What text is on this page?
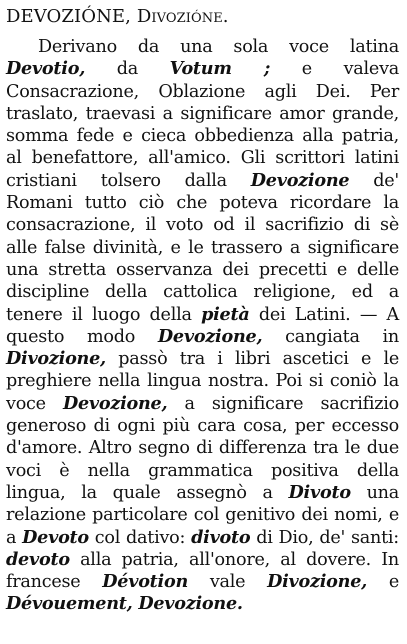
DEVOZIÓNE, Divozióne.

Derivano da una sola voce latina Devotio, da Votum ; e valeva Consacrazione, Oblazione agli Dei. Per traslato, traevasi a significare amor grande, somma fede e cieca obbedienza alla patria, al benefattore, all'amico. Gli scrittori latini cristiani tolsero dalla Devozione de' Romani tutto ciò che poteva ricordare la consacrazione, il voto od il sacrifizio di sè alle false divinità, e le trassero a significare una stretta osservanza dei precetti e delle discipline della cattolica religione, ed a tenere il luogo della pietà dei Latini. — A questo modo Devozione, cangiata in Divozione, passò tra i libri ascetici e le preghiere nella lingua nostra. Poi si coniò la voce Devozione, a significare sacrifizio generoso di ogni più cara cosa, per eccesso d'amore. Altro segno di differenza tra le due voci è nella grammatica positiva della lingua, la quale assegnò a Divoto una relazione particolare col genitivo dei nomi, e a Devoto col dativo: divoto di Dio, de' santi: devoto alla patria, all'onore, al dovere. In francese Dévotion vale Divozione, e Dévouement, Devozione.
